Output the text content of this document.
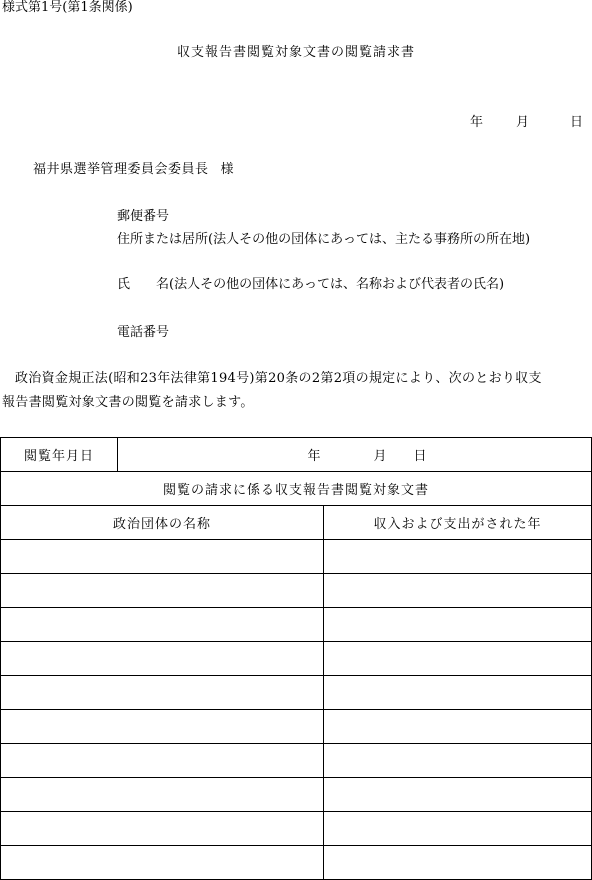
様式第1号(第1条関係)
収支報告書閲覧対象文書の閲覧請求書
年	月	日
福井県選挙管理委員会委員長 様
郵便番号
住所または居所(法人その他の団体にあっては、主たる事務所の所在地)
氏　　名(法人その他の団体にあっては、名称および代表者の氏名)
電話番号
政治資金規正法(昭和23年法律第194号)第20条の2第2項の規定により、次のとおり収支
報告書閲覧対象文書の閲覧を請求します。
閲覧年月日	年 月 日	
閲覧の請求に係る収支報告書閲覧対象文書		
政治団体の名称		収入および支出がされた年
